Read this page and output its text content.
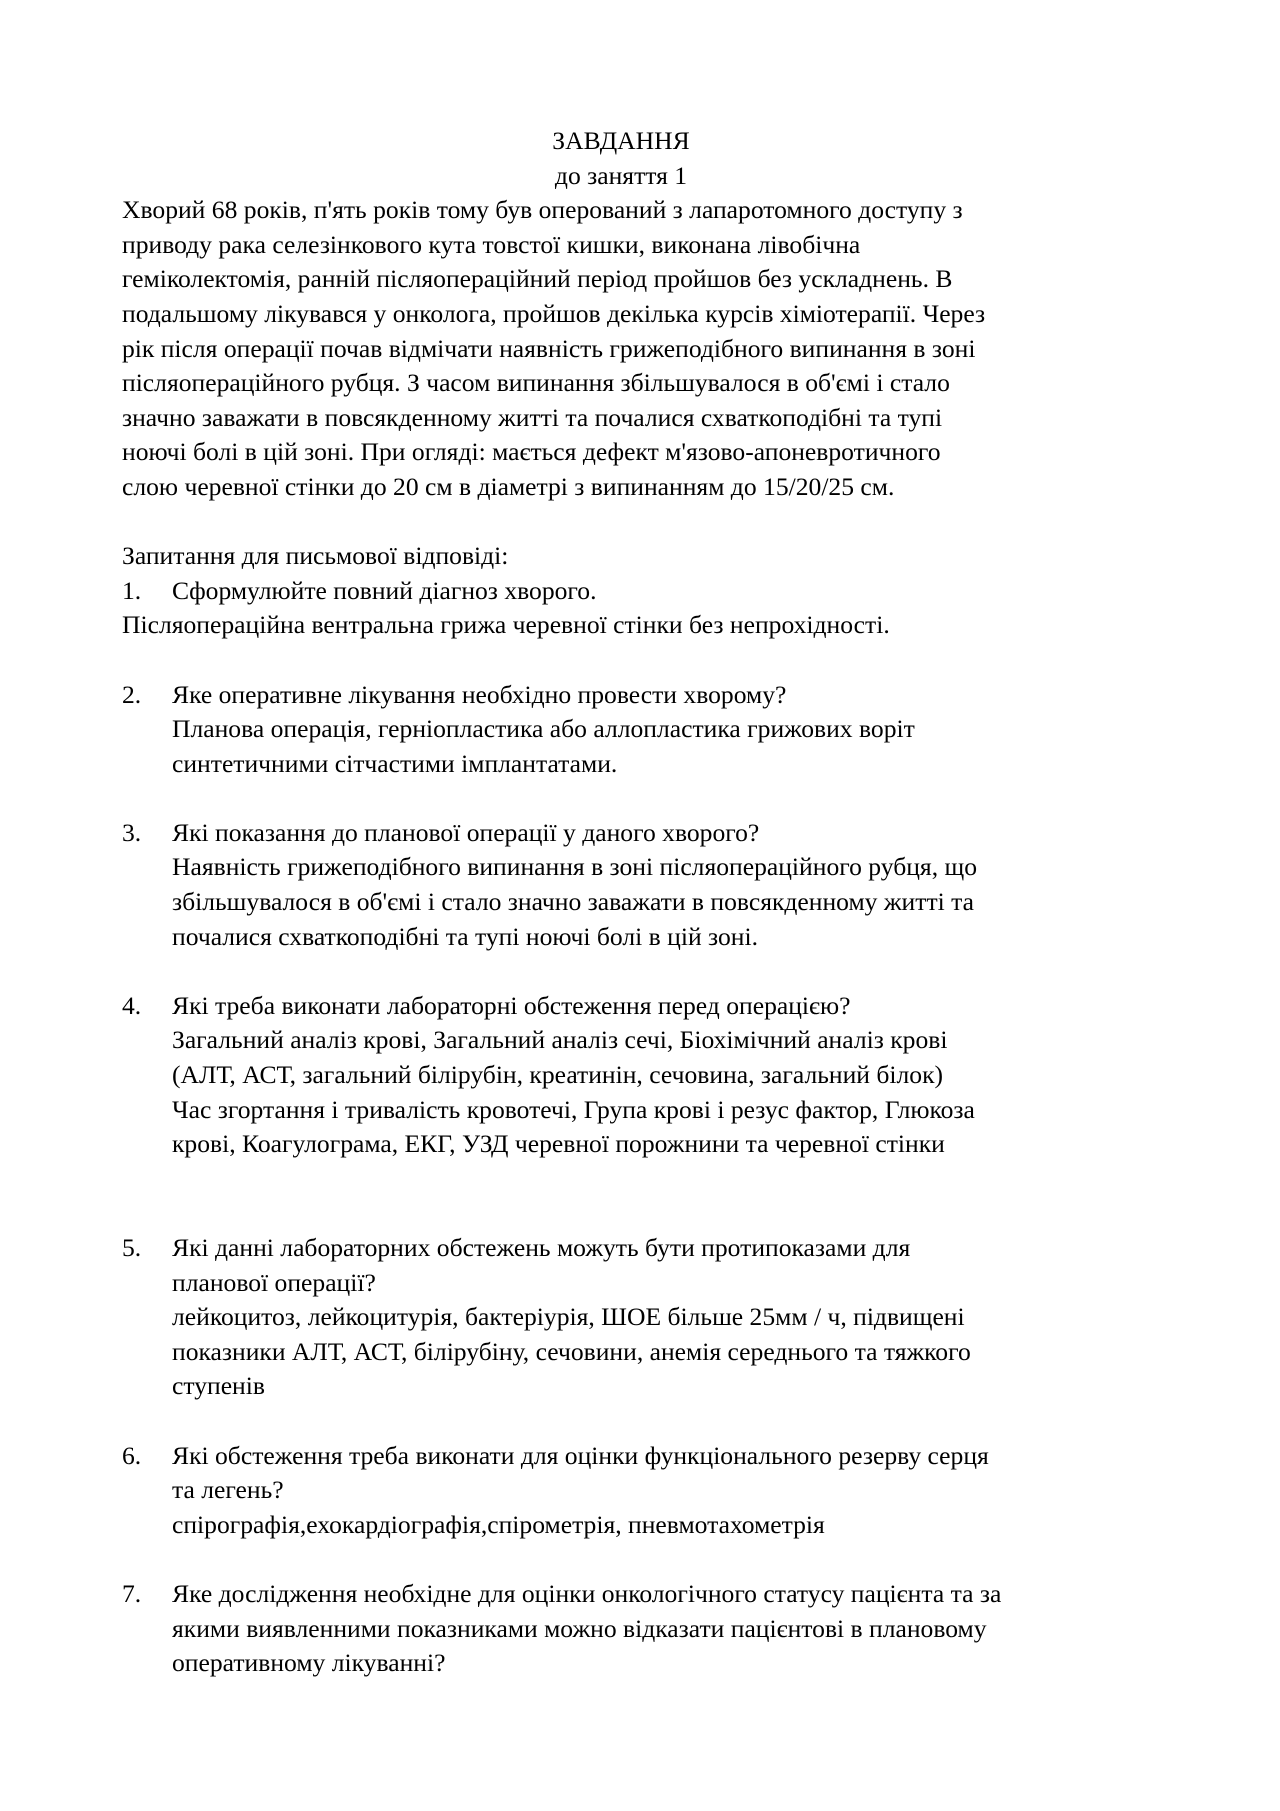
ЗАВДАННЯ
до заняття 1
Хворий 68 років, п'ять років тому був оперований з лапаротомного доступу з
приводу рака селезінкового кута товстої кишки, виконана лівобічна
геміколектомія, ранній післяопераційний період пройшов без ускладнень. В
подальшому лікувався у онколога, пройшов декілька курсів хіміотерапії. Через
рік після операції почав відмічати наявність грижеподібного випинання в зоні
післяопераційного рубця. З часом випинання збільшувалося в об'ємі і стало
значно заважати в повсякденному житті та почалися схваткоподібні та тупі
ноючі болі в цій зоні. При огляді: мається дефект м'язово-апоневротичного
слою черевної стінки до 20 см в діаметрі з випинанням до 15/20/25 см.
Запитання для письмової відповіді:
1. Сформулюйте повний діагноз хворого.
Післяопераційна вентральна грижа черевної стінки без непрохідності.
2. Яке оперативне лікування необхідно провести хворому?
Планова операція, герніопластика або аллопластика грижових воріт
синтетичними сітчастими імплантатами.
3. Які показання до планової операції у даного хворого?
Наявність грижеподібного випинання в зоні післяопераційного рубця, що
збільшувалося в об'ємі і стало значно заважати в повсякденному житті та
почалися схваткоподібні та тупі ноючі болі в цій зоні.
4. Які треба виконати лабораторні обстеження перед операцією?
Загальний аналіз крові, Загальний аналіз сечі, Біохімічний аналіз крові
(АЛТ, АСТ, загальний білірубін, креатинін, сечовина, загальний білок)
Час згортання і тривалість кровотечі, Група крові і резус фактор, Глюкоза
крові, Коагулограма, ЕКГ, УЗД черевної порожнини та черевної стінки
5. Які данні лабораторних обстежень можуть бути протипоказами для
планової операції?
лейкоцитоз, лейкоцитурія, бактеріурія, ШОЕ більше 25мм / ч, підвищені
показники АЛТ, АСТ, білірубіну, сечовини, анемія середнього та тяжкого
ступенів
6. Які обстеження треба виконати для оцінки функціонального резерву серця
та легень?
спірографія,ехокардіографія,спірометрія, пневмотахометрія
7. Яке дослідження необхідне для оцінки онкологічного статусу пацієнта та за
якими виявленними показниками можно відказати пацієнтові в плановому
оперативному лікуванні?
